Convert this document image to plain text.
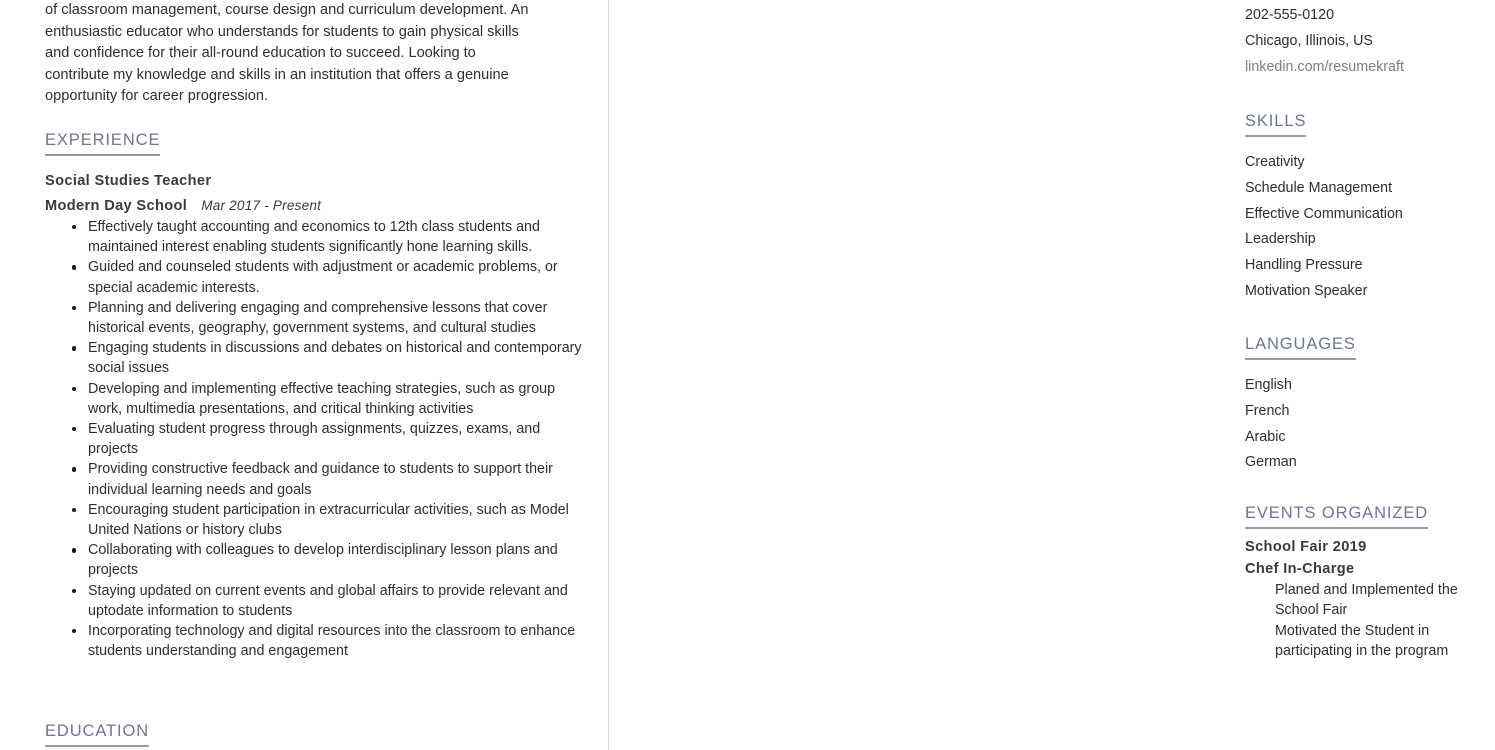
of classroom management, course design and curriculum development. An
enthusiastic educator who understands for students to gain physical skills
and confidence for their all-round education to succeed. Looking to
contribute my knowledge and skills in an institution that offers a genuine
opportunity for career progression.

EXPERIENCE

Social Studies Teacher

Modern Day School Mar 2017 - Present

Effectively taught accounting and economics to 12th class students and maintained interest enabling students significantly hone learning skills.
Guided and counseled students with adjustment or academic problems, or special academic interests.
Planning and delivering engaging and comprehensive lessons that cover historical events, geography, government systems, and cultural studies
Engaging students in discussions and debates on historical and contemporary social issues
Developing and implementing effective teaching strategies, such as group work, multimedia presentations, and critical thinking activities
Evaluating student progress through assignments, quizzes, exams, and projects
Providing constructive feedback and guidance to students to support their individual learning needs and goals
Encouraging student participation in extracurricular activities, such as Model United Nations or history clubs
Collaborating with colleagues to develop interdisciplinary lesson plans and projects
Staying updated on current events and global affairs to provide relevant and uptodate information to students
Incorporating technology and digital resources into the classroom to enhance students understanding and engagement
EDUCATION

202-555-0120

Chicago, Illinois, US

linkedin.com/resumekraft

SKILLS
Creativity
Schedule Management
Effective Communication
Leadership
Handling Pressure
Motivation Speaker
LANGUAGES
English
French
Arabic
German
EVENTS ORGANIZED

School Fair 2019

Chef In-Charge

Planed and Implemented the School Fair
Motivated the Student in participating in the program
